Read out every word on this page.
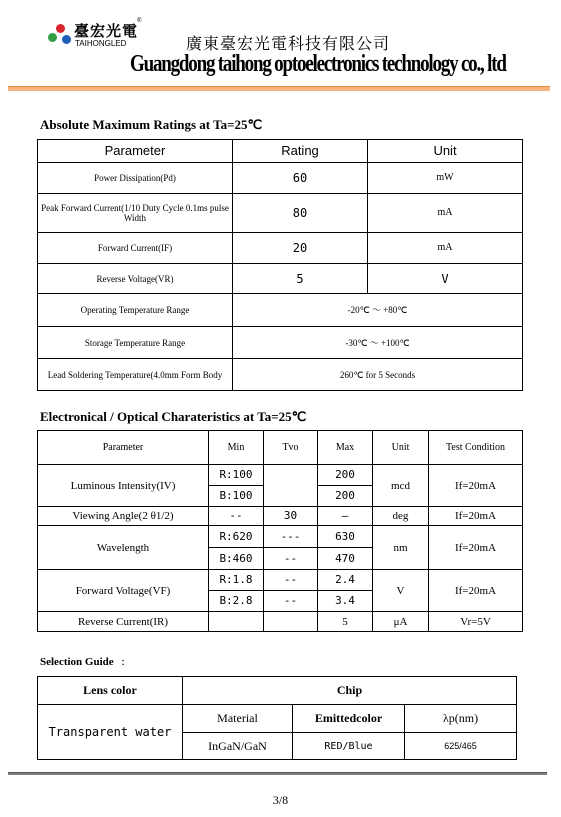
臺宏光電
TAIHONGLED
®
廣東臺宏光電科技有限公司
Guangdong taihong optoelectronics technology co., ltd
Absolute Maximum Ratings at Ta=25℃
Parameter	Rating	Unit
Power Dissipation(Pd)	60	mW
Peak Forward Current(1/10 Duty Cycle 0.1ms pulse Width	80	mA
Forward Current(IF)	20	mA
Reverse Voltage(VR)	5	V
Operating Temperature Range	-20℃ ～ +80℃	
Storage Temperature Range	-30℃ ～ +100℃	
Lead Soldering Temperature(4.0mm Form Body	260℃ for 5 Seconds	
Electronical / Optical Charateristics at Ta=25℃
Parameter	Min	Tvo	Max	Unit	Test Condition
Luminous Intensity(IV)	R:100		200	mcd	If=20mA
	B:100		200		
Viewing Angle(2 θ1/2)	--	30	—	deg	If=20mA
Wavelength	R:620	---	630	nm	If=20mA
	B:460	--	470		
Forward Voltage(VF)	R:1.8	--	2.4	V	If=20mA
	B:2.8	--	3.4		
Reverse Current(IR)			5	μA	Vr=5V
Selection Guide :
Lens color	Chip		
Transparent water	Material	Emittedcolor	λp(nm)
	InGaN/GaN	RED/Blue	625/465
3/8
